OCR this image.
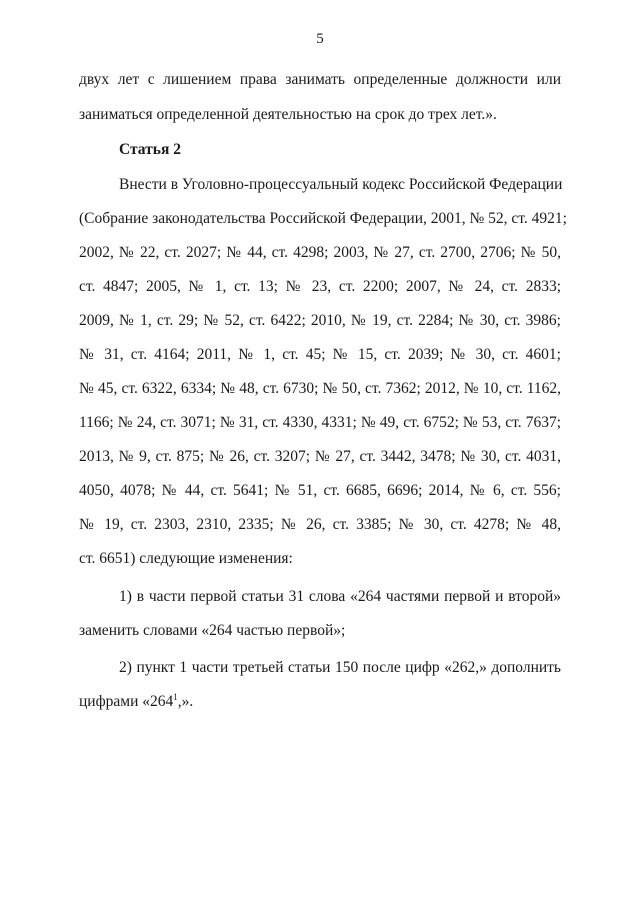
5
двух лет с лишением права занимать определенные должности или
заниматься определенной деятельностью на срок до трех лет.».
Статья 2
Внести в Уголовно-процессуальный кодекс Российской Федерации
(Собрание законодательства Российской Федерации, 2001, № 52, ст. 4921;
2002, № 22, ст. 2027; № 44, ст. 4298; 2003, № 27, ст. 2700, 2706; № 50,
ст. 4847; 2005, № 1, ст. 13; № 23, ст. 2200; 2007, № 24, ст. 2833;
2009, № 1, ст. 29; № 52, ст. 6422; 2010, № 19, ст. 2284; № 30, ст. 3986;
№ 31, ст. 4164; 2011, № 1, ст. 45; № 15, ст. 2039; № 30, ст. 4601;
№ 45, ст. 6322, 6334; № 48, ст. 6730; № 50, ст. 7362; 2012, № 10, ст. 1162,
1166; № 24, ст. 3071; № 31, ст. 4330, 4331; № 49, ст. 6752; № 53, ст. 7637;
2013, № 9, ст. 875; № 26, ст. 3207; № 27, ст. 3442, 3478; № 30, ст. 4031,
4050, 4078; № 44, ст. 5641; № 51, ст. 6685, 6696; 2014, № 6, ст. 556;
№ 19, ст. 2303, 2310, 2335; № 26, ст. 3385; № 30, ст. 4278; № 48,
ст. 6651) следующие изменения:
1) в части первой статьи 31 слова «264 частями первой и второй»
заменить словами «264 частью первой»;
2) пункт 1 части третьей статьи 150 после цифр «262,» дополнить
цифрами «$264^1$,».
